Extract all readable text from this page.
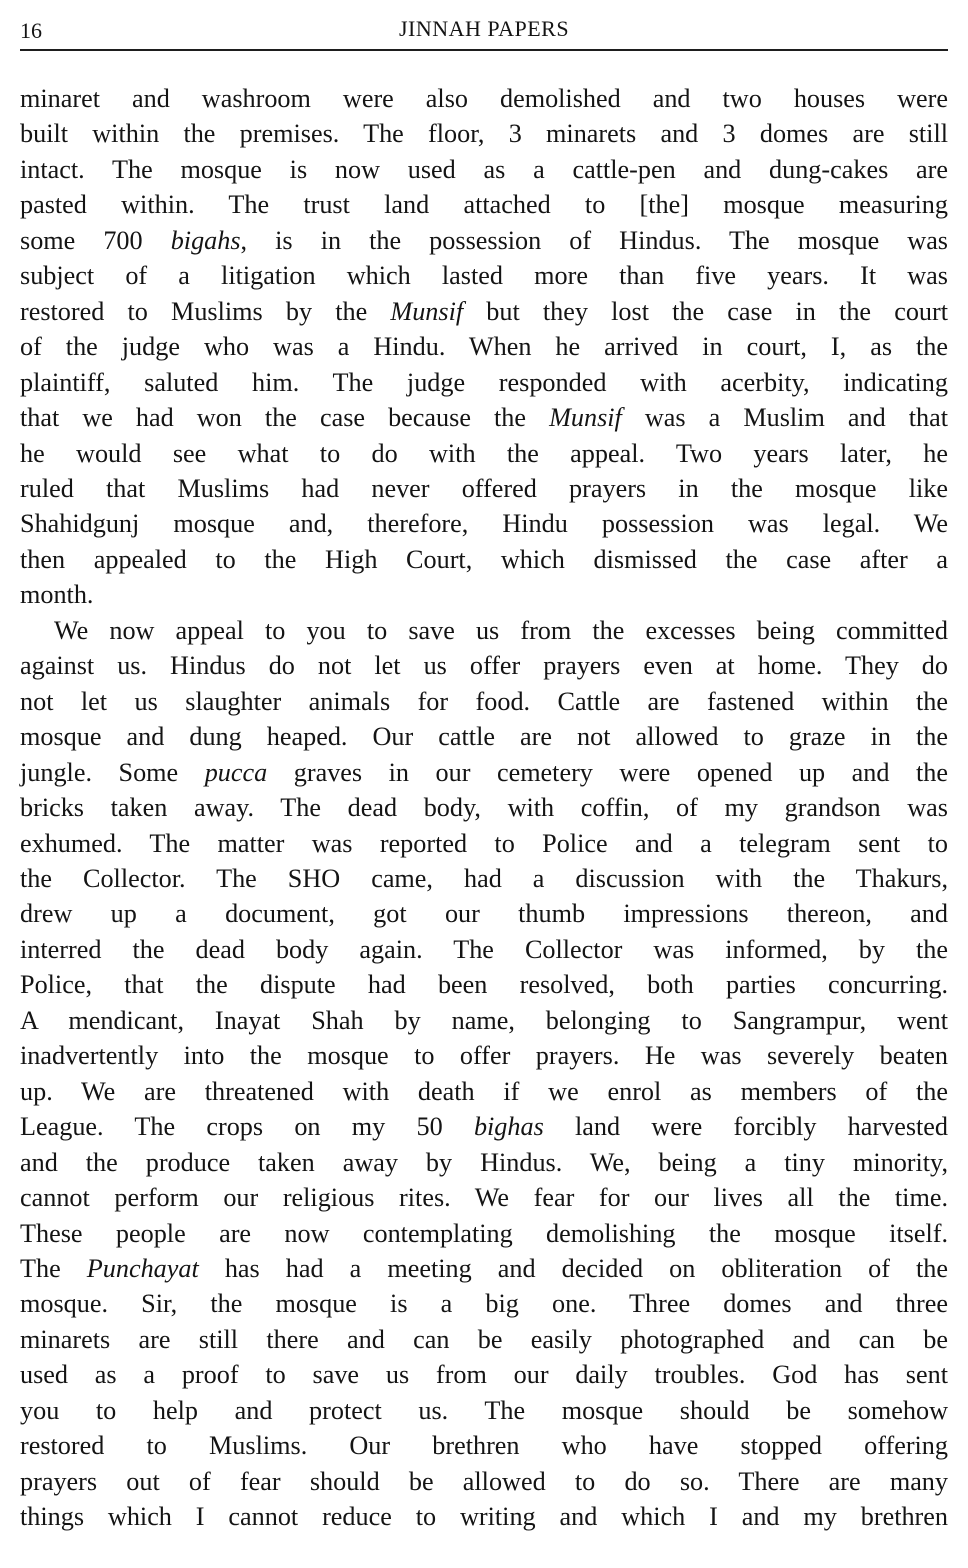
16	JINNAH PAPERS

minaret and washroom were also demolished and two houses were
built within the premises. The floor, 3 minarets and 3 domes are still
intact. The mosque is now used as a cattle-pen and dung-cakes are
pasted within. The trust land attached to [the] mosque measuring
some 700 bigahs, is in the possession of Hindus. The mosque was
subject of a litigation which lasted more than five years. It was
restored to Muslims by the Munsif but they lost the case in the court
of the judge who was a Hindu. When he arrived in court, I, as the
plaintiff, saluted him. The judge responded with acerbity, indicating
that we had won the case because the Munsif was a Muslim and that
he would see what to do with the appeal. Two years later, he
ruled that Muslims had never offered prayers in the mosque like
Shahidgunj mosque and, therefore, Hindu possession was legal. We
then appealed to the High Court, which dismissed the case after a
month.

We now appeal to you to save us from the excesses being committed
against us. Hindus do not let us offer prayers even at home. They do
not let us slaughter animals for food. Cattle are fastened within the
mosque and dung heaped. Our cattle are not allowed to graze in the
jungle. Some pucca graves in our cemetery were opened up and the
bricks taken away. The dead body, with coffin, of my grandson was
exhumed. The matter was reported to Police and a telegram sent to
the Collector. The SHO came, had a discussion with the Thakurs,
drew up a document, got our thumb impressions thereon, and
interred the dead body again. The Collector was informed, by the
Police, that the dispute had been resolved, both parties concurring.
A mendicant, Inayat Shah by name, belonging to Sangrampur, went
inadvertently into the mosque to offer prayers. He was severely beaten
up. We are threatened with death if we enrol as members of the
League. The crops on my 50 bighas land were forcibly harvested
and the produce taken away by Hindus. We, being a tiny minority,
cannot perform our religious rites. We fear for our lives all the time.
These people are now contemplating demolishing the mosque itself.
The Punchayat has had a meeting and decided on obliteration of the
mosque. Sir, the mosque is a big one. Three domes and three
minarets are still there and can be easily photographed and can be
used as a proof to save us from our daily troubles. God has sent
you to help and protect us. The mosque should be somehow
restored to Muslims. Our brethren who have stopped offering
prayers out of fear should be allowed to do so. There are many
things which I cannot reduce to writing and which I and my brethren
